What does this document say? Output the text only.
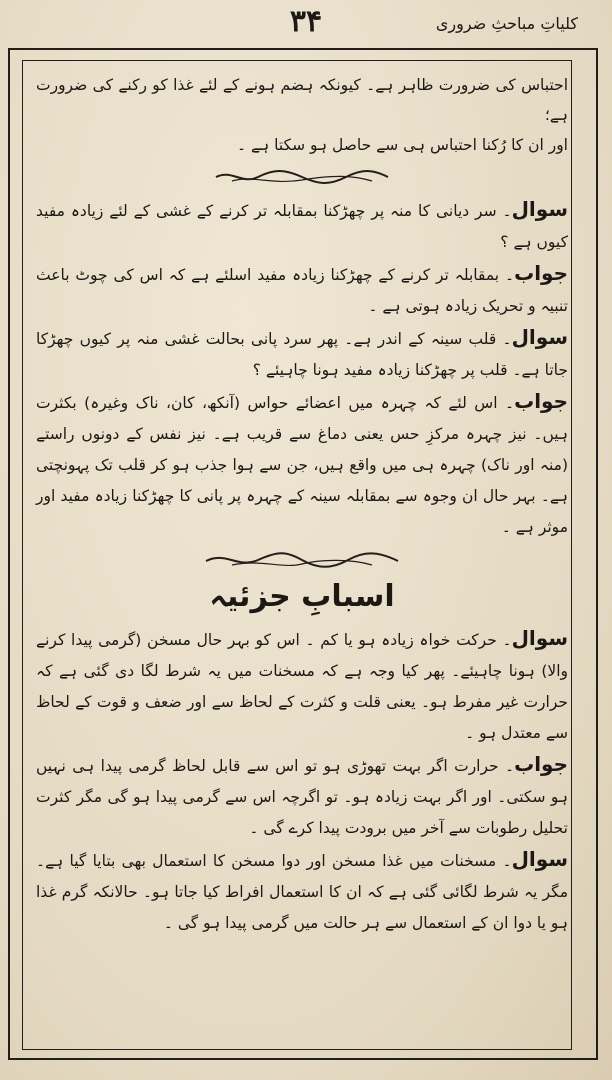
۳۴	کلیاتِ مباحثِ ضروری

احتباس کی ضرورت ظاہر ہے۔ کیونکہ ہضم ہونے کے لئے غذا کو رکنے کی ضرورت ہے؛

اور ان کا رُکنا احتباس ہی سے حاصل ہو سکتا ہے ۔

سوال۔ سر دیانی کا منہ پر چھڑکنا بمقابلہ تر کرنے کے غشی کے لئے زیادہ مفید کیوں ہے ؟

جواب۔ بمقابلہ تر کرنے کے چھڑکنا زیادہ مفید اسلئے ہے کہ اس کی چوٹ باعث تنبیہ و تحریک زیادہ ہوتی ہے ۔

سوال۔ قلب سینہ کے اندر ہے۔ پھر سرد پانی بحالت غشی منہ پر کیوں چھڑکا جاتا ہے۔ قلب پر چھڑکنا زیادہ مفید ہونا چاہیئے ؟

جواب۔ اس لئے کہ چہرہ میں اعضائے حواس (آنکھ، کان، ناک وغیرہ) بکثرت ہیں۔ نیز چہرہ مرکزِ حس یعنی دماغ سے قریب ہے۔ نیز نفس کے دونوں راستے (منہ اور ناک) چہرہ ہی میں واقع ہیں، جن سے ہوا جذب ہو کر قلب تک پہونچتی ہے۔ بہر حال ان وجوہ سے بمقابلہ سینہ کے چہرہ پر پانی کا چھڑکنا زیادہ مفید اور موثر ہے ۔

اسبابِ جزئیہ

سوال۔ حرکت خواہ زیادہ ہو یا کم ۔ اس کو بہر حال مسخن (گرمی پیدا کرنے والا) ہونا چاہیئے۔ پھر کیا وجہ ہے کہ مسخنات میں یہ شرط لگا دی گئی ہے کہ حرارت غیر مفرط ہو۔ یعنی قلت و کثرت کے لحاظ سے اور ضعف و قوت کے لحاظ سے معتدل ہو ۔

جواب۔ حرارت اگر بہت تھوڑی ہو تو اس سے قابل لحاظ گرمی پیدا ہی نہیں ہو سکتی۔ اور اگر بہت زیادہ ہو۔ تو اگرچہ اس سے گرمی پیدا ہو گی مگر کثرت تحلیل رطوبات سے آخر میں برودت پیدا کرے گی ۔

سوال۔ مسخنات میں غذا مسخن اور دوا مسخن کا استعمال بھی بتایا گیا ہے۔ مگر یہ شرط لگائی گئی ہے کہ ان کا استعمال افراط کیا جاتا ہو۔ حالانکہ گرم غذا ہو یا دوا ان کے استعمال سے ہر حالت میں گرمی پیدا ہو گی ۔
